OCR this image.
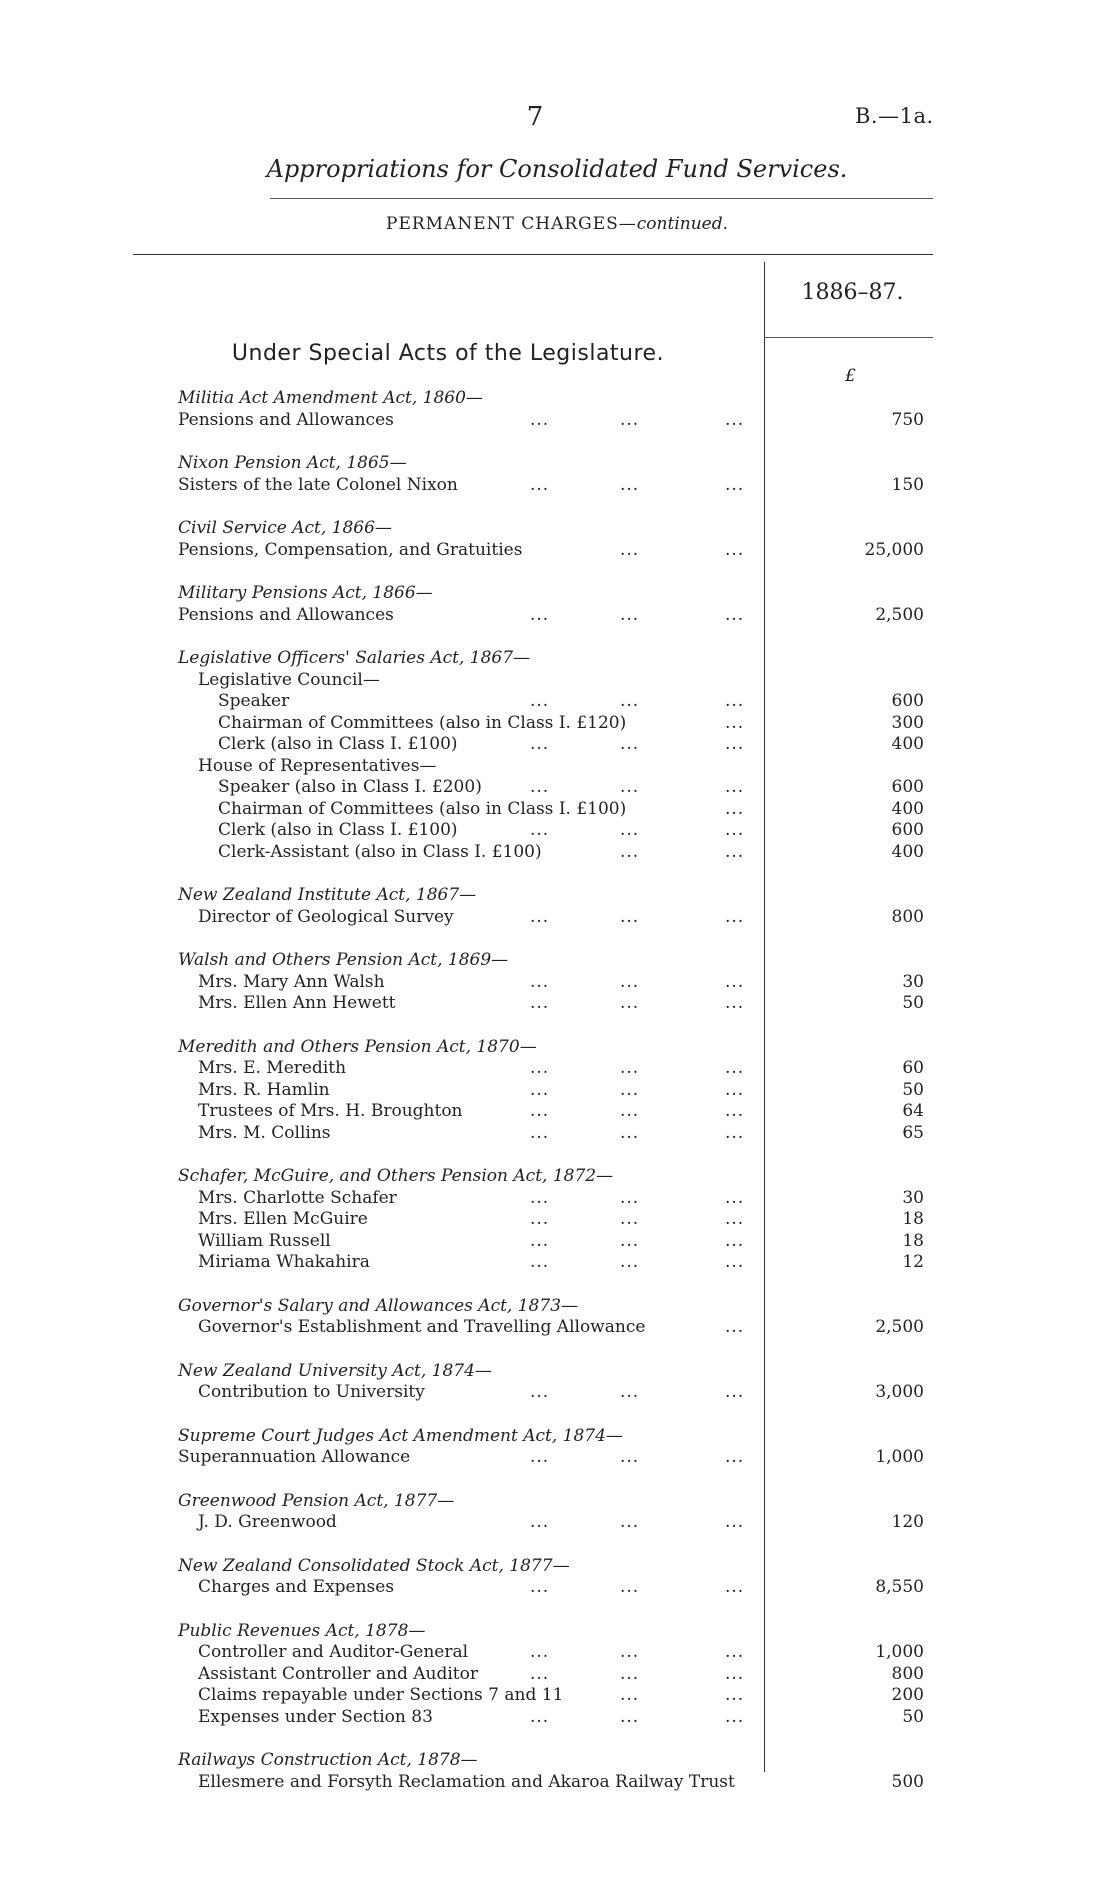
7	B.—1a.
Appropriations for Consolidated Fund Services.
PERMANENT CHARGES—continued.
1886–87.
£
Under Special Acts of the Legislature.
Militia Act Amendment Act, 1860—
Pensions and Allowances	...	...	...	750
Nixon Pension Act, 1865—
Sisters of the late Colonel Nixon	...	...	...	150
Civil Service Act, 1866—
Pensions, Compensation, and Gratuities	...	...	25,000
Military Pensions Act, 1866—
Pensions and Allowances	...	...	...	2,500
Legislative Officers' Salaries Act, 1867—
Legislative Council—
Speaker	...	...	...	600
Chairman of Committees (also in Class I. £120)	...	300
Clerk (also in Class I. £100)	...	...	...	400
House of Representatives—
Speaker (also in Class I. £200)	...	...	...	600
Chairman of Committees (also in Class I. £100)	...	400
Clerk (also in Class I. £100)	...	...	...	600
Clerk-Assistant (also in Class I. £100)	...	...	400
New Zealand Institute Act, 1867—
Director of Geological Survey	...	...	...	800
Walsh and Others Pension Act, 1869—
Mrs. Mary Ann Walsh	...	...	...	30
Mrs. Ellen Ann Hewett	...	...	...	50
Meredith and Others Pension Act, 1870—
Mrs. E. Meredith	...	...	...	60
Mrs. R. Hamlin	...	...	...	50
Trustees of Mrs. H. Broughton	...	...	...	64
Mrs. M. Collins	...	...	...	65
Schafer, McGuire, and Others Pension Act, 1872—
Mrs. Charlotte Schafer	...	...	...	30
Mrs. Ellen McGuire	...	...	...	18
William Russell	...	...	...	18
Miriama Whakahira	...	...	...	12
Governor's Salary and Allowances Act, 1873—
Governor's Establishment and Travelling Allowance	...	2,500
New Zealand University Act, 1874—
Contribution to University	...	...	...	3,000
Supreme Court Judges Act Amendment Act, 1874—
Superannuation Allowance	...	...	...	1,000
Greenwood Pension Act, 1877—
J. D. Greenwood	...	...	...	120
New Zealand Consolidated Stock Act, 1877—
Charges and Expenses	...	...	...	8,550
Public Revenues Act, 1878—
Controller and Auditor-General	...	...	...	1,000
Assistant Controller and Auditor	...	...	...	800
Claims repayable under Sections 7 and 11	...	...	200
Expenses under Section 83	...	...	...	50
Railways Construction Act, 1878—
Ellesmere and Forsyth Reclamation and Akaroa Railway Trust	500
